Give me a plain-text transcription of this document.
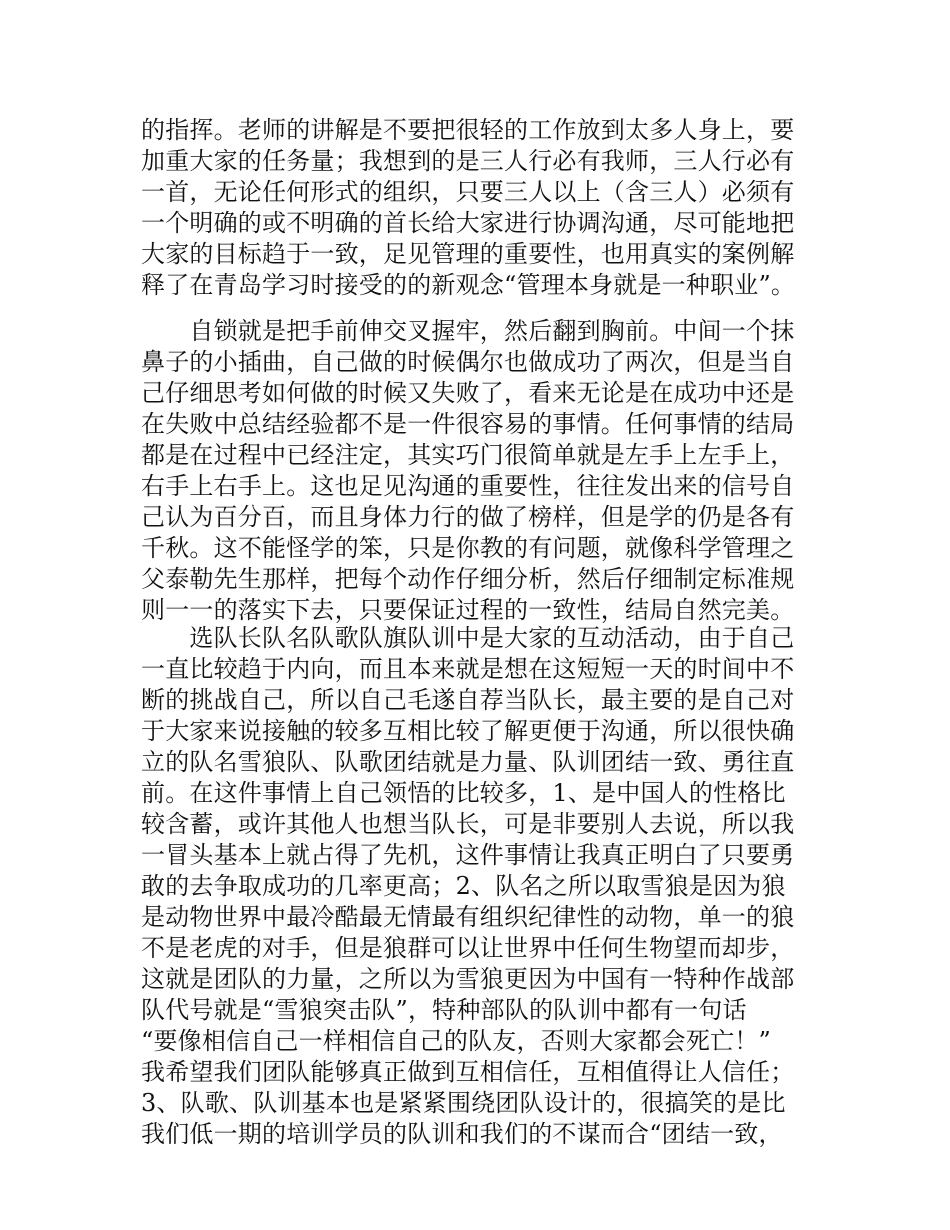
的指挥。老师的讲解是不要把很轻的工作放到太多人身上，要
加重大家的任务量；我想到的是三人行必有我师，三人行必有
一首，无论任何形式的组织，只要三人以上（含三人）必须有
一个明确的或不明确的首长给大家进行协调沟通，尽可能地把
大家的目标趋于一致，足见管理的重要性，也用真实的案例解
释了在青岛学习时接受的的新观念“管理本身就是一种职业”。
　　自锁就是把手前伸交叉握牢，然后翻到胸前。中间一个抹
鼻子的小插曲，自己做的时候偶尔也做成功了两次，但是当自
己仔细思考如何做的时候又失败了，看来无论是在成功中还是
在失败中总结经验都不是一件很容易的事情。任何事情的结局
都是在过程中已经注定，其实巧门很简单就是左手上左手上，
右手上右手上。这也足见沟通的重要性，往往发出来的信号自
己认为百分百，而且身体力行的做了榜样，但是学的仍是各有
千秋。这不能怪学的笨，只是你教的有问题，就像科学管理之
父泰勒先生那样，把每个动作仔细分析，然后仔细制定标准规
则一一的落实下去，只要保证过程的一致性，结局自然完美。
　　选队长队名队歌队旗队训中是大家的互动活动，由于自己
一直比较趋于内向，而且本来就是想在这短短一天的时间中不
断的挑战自己，所以自己毛遂自荐当队长，最主要的是自己对
于大家来说接触的较多互相比较了解更便于沟通，所以很快确
立的队名雪狼队、队歌团结就是力量、队训团结一致、勇往直
前。在这件事情上自己领悟的比较多，1、是中国人的性格比
较含蓄，或许其他人也想当队长，可是非要别人去说，所以我
一冒头基本上就占得了先机，这件事情让我真正明白了只要勇
敢的去争取成功的几率更高；2、队名之所以取雪狼是因为狼
是动物世界中最冷酷最无情最有组织纪律性的动物，单一的狼
不是老虎的对手，但是狼群可以让世界中任何生物望而却步，
这就是团队的力量，之所以为雪狼更因为中国有一特种作战部
队代号就是“雪狼突击队”，特种部队的队训中都有一句话
“要像相信自己一样相信自己的队友，否则大家都会死亡！”
我希望我们团队能够真正做到互相信任，互相值得让人信任；
3、队歌、队训基本也是紧紧围绕团队设计的，很搞笑的是比
我们低一期的培训学员的队训和我们的不谋而合“团结一致，
